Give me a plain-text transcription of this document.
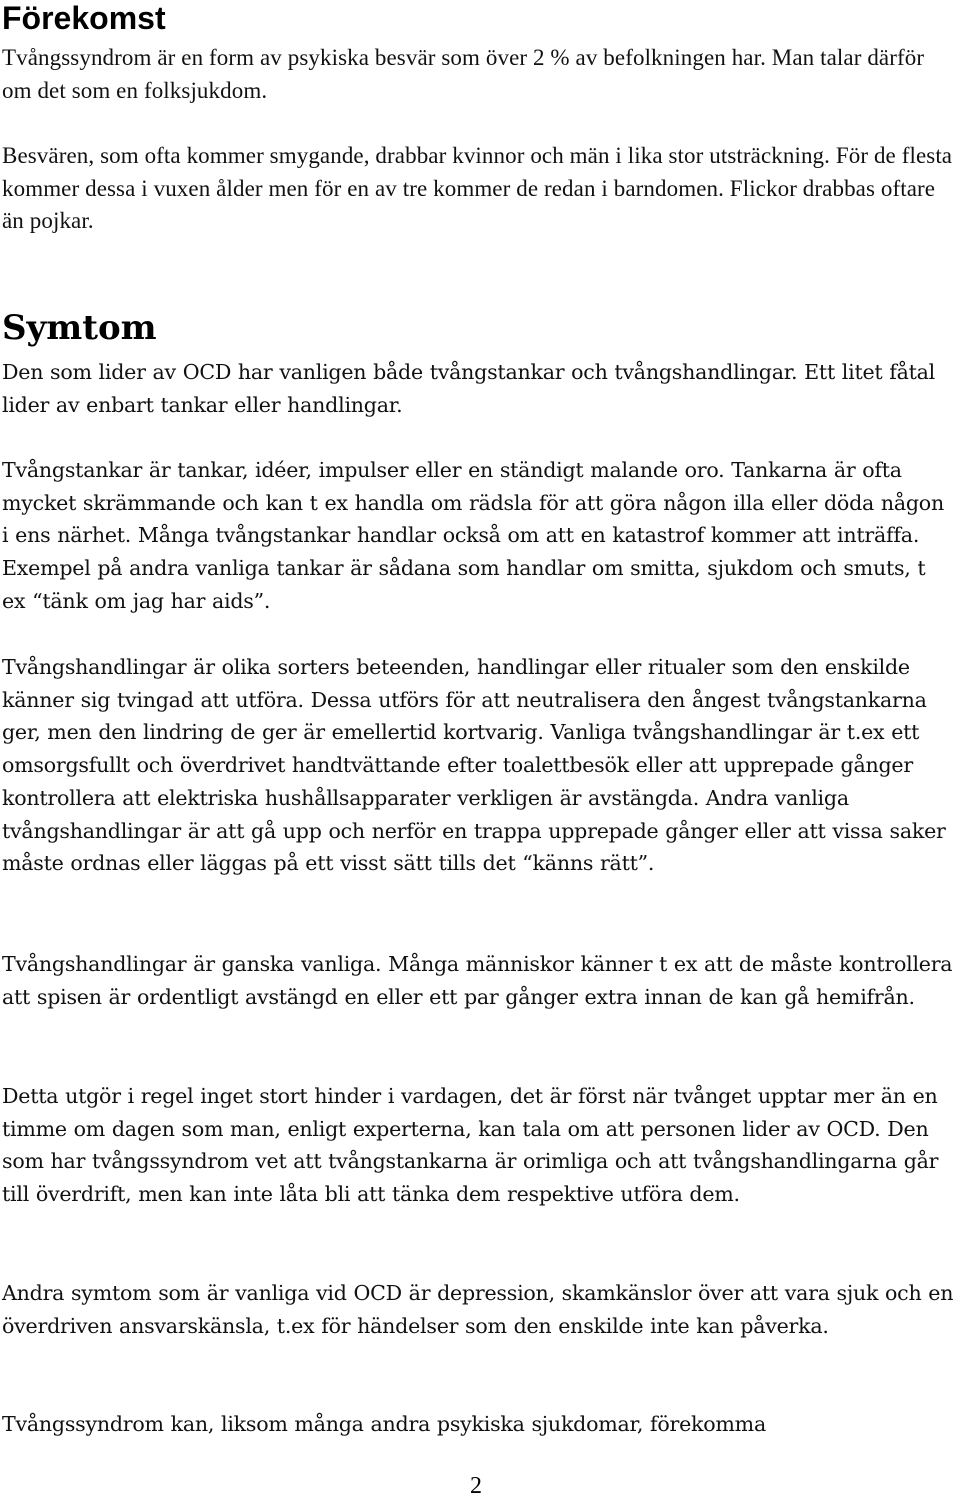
Förekomst

Tvångssyndrom är en form av psykiska besvär som över 2 % av befolkningen har. Man talar därför om det som en folksjukdom.

Besvären, som ofta kommer smygande, drabbar kvinnor och män i lika stor utsträckning. För de flesta kommer dessa i vuxen ålder men för en av tre kommer de redan i barndomen. Flickor drabbas oftare än pojkar.

Symtom

Den som lider av OCD har vanligen både tvångstankar och tvångshandlingar. Ett litet fåtal lider av enbart tankar eller handlingar.

Tvångstankar är tankar, idéer, impulser eller en ständigt malande oro. Tankarna är ofta mycket skrämmande och kan t ex handla om rädsla för att göra någon illa eller döda någon i ens närhet. Många tvångstankar handlar också om att en katastrof kommer att inträffa. Exempel på andra vanliga tankar är sådana som handlar om smitta, sjukdom och smuts, t ex “tänk om jag har aids”.

Tvångshandlingar är olika sorters beteenden, handlingar eller ritualer som den enskilde känner sig tvingad att utföra. Dessa utförs för att neutralisera den ångest tvångstankarna ger, men den lindring de ger är emellertid kortvarig. Vanliga tvångshandlingar är t.ex ett omsorgsfullt och överdrivet handtvättande efter toalettbesök eller att upprepade gånger kontrollera att elektriska hushållsapparater verkligen är avstängda. Andra vanliga tvångshandlingar är att gå upp och nerför en trappa upprepade gånger eller att vissa saker måste ordnas eller läggas på ett visst sätt tills det “känns rätt”.

Tvångshandlingar är ganska vanliga. Många människor känner t ex att de måste kontrollera att spisen är ordentligt avstängd en eller ett par gånger extra innan de kan gå hemifrån.

Detta utgör i regel inget stort hinder i vardagen, det är först när tvånget upptar mer än en timme om dagen som man, enligt experterna, kan tala om att personen lider av OCD. Den som har tvångssyndrom vet att tvångstankarna är orimliga och att tvångshandlingarna går till överdrift, men kan inte låta bli att tänka dem respektive utföra dem.

Andra symtom som är vanliga vid OCD är depression, skamkänslor över att vara sjuk och en överdriven ansvarskänsla, t.ex för händelser som den enskilde inte kan påverka.

Tvångssyndrom kan, liksom många andra psykiska sjukdomar, förekomma

2
